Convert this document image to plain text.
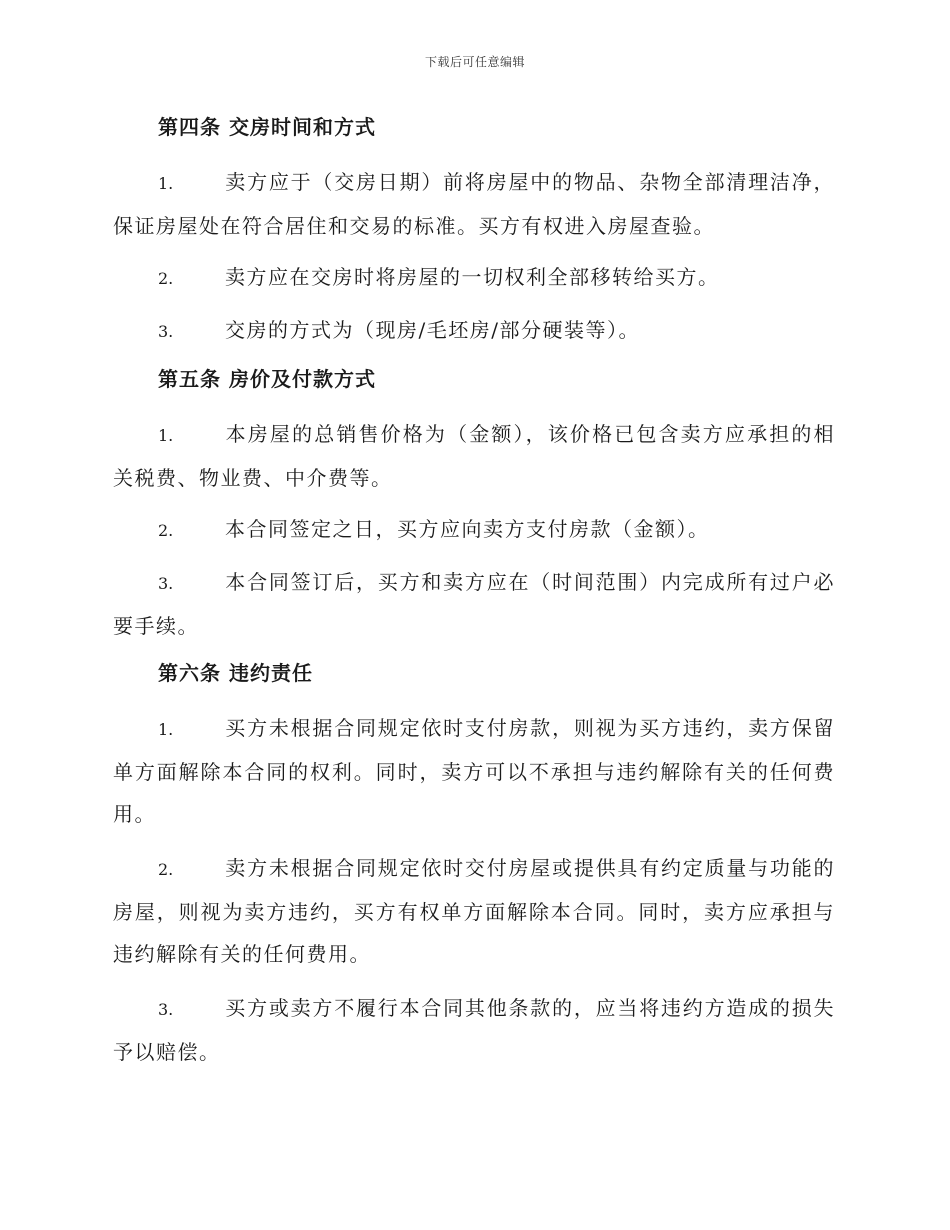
下载后可任意编辑
第四条 交房时间和方式

1.	卖方应于（交房日期）前将房屋中的物品、杂物全部清理洁净，保证房屋处在符合居住和交易的标准。买方有权进入房屋查验。

2.	卖方应在交房时将房屋的一切权利全部移转给买方。

3.	交房的方式为（现房/毛坯房/部分硬装等）。

第五条 房价及付款方式

1.	本房屋的总销售价格为（金额），该价格已包含卖方应承担的相关税费、物业费、中介费等。

2.	本合同签定之日，买方应向卖方支付房款（金额）。

3.	本合同签订后，买方和卖方应在（时间范围）内完成所有过户必要手续。

第六条 违约责任

1.	买方未根据合同规定依时支付房款，则视为买方违约，卖方保留单方面解除本合同的权利。同时，卖方可以不承担与违约解除有关的任何费用。

2.	卖方未根据合同规定依时交付房屋或提供具有约定质量与功能的房屋，则视为卖方违约，买方有权单方面解除本合同。同时，卖方应承担与违约解除有关的任何费用。

3.	买方或卖方不履行本合同其他条款的，应当将违约方造成的损失予以赔偿。
